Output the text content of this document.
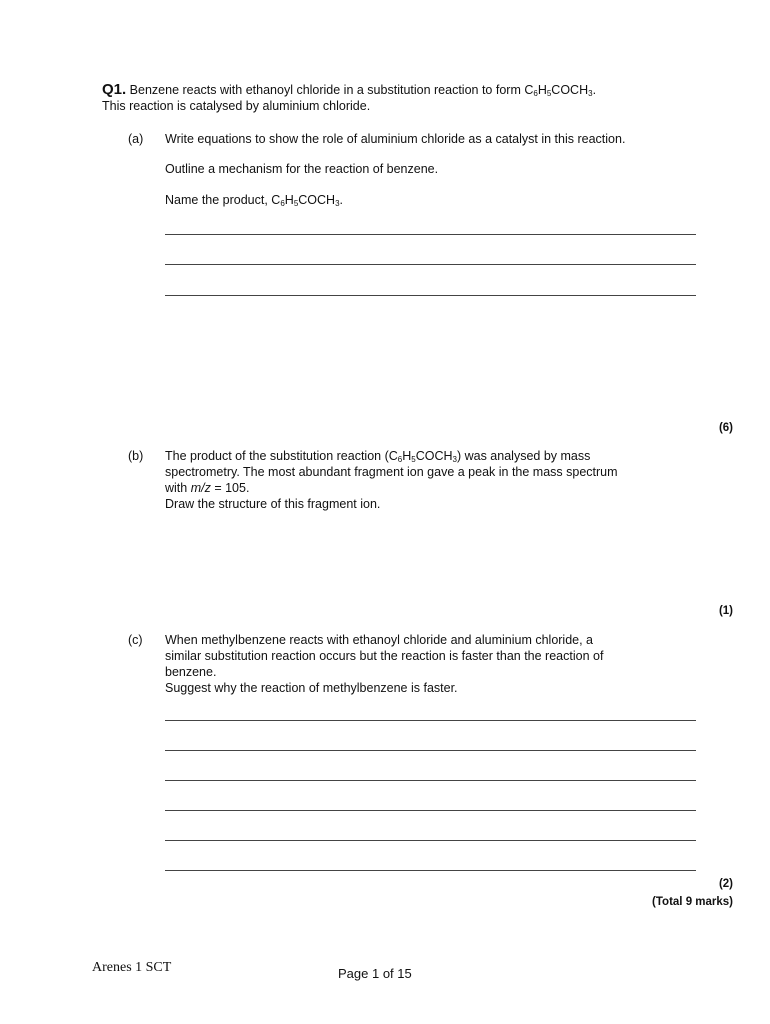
Q1. Benzene reacts with ethanoyl chloride in a substitution reaction to form $C_6H_5COCH_3$.
This reaction is catalysed by aluminium chloride.
(a) Write equations to show the role of aluminium chloride as a catalyst in this reaction.
Outline a mechanism for the reaction of benzene.
Name the product, $C_6H_5COCH_3$.
(6)
(b) The product of the substitution reaction $(C_6H_5COCH_3)$ was analysed by mass
spectrometry. The most abundant fragment ion gave a peak in the mass spectrum
with m/z = 105.
Draw the structure of this fragment ion.
(1)
(c) When methylbenzene reacts with ethanoyl chloride and aluminium chloride, a
similar substitution reaction occurs but the reaction is faster than the reaction of
benzene.
Suggest why the reaction of methylbenzene is faster.
(2)
(Total 9 marks)
Arenes 1 SCT	Page 1 of 15
